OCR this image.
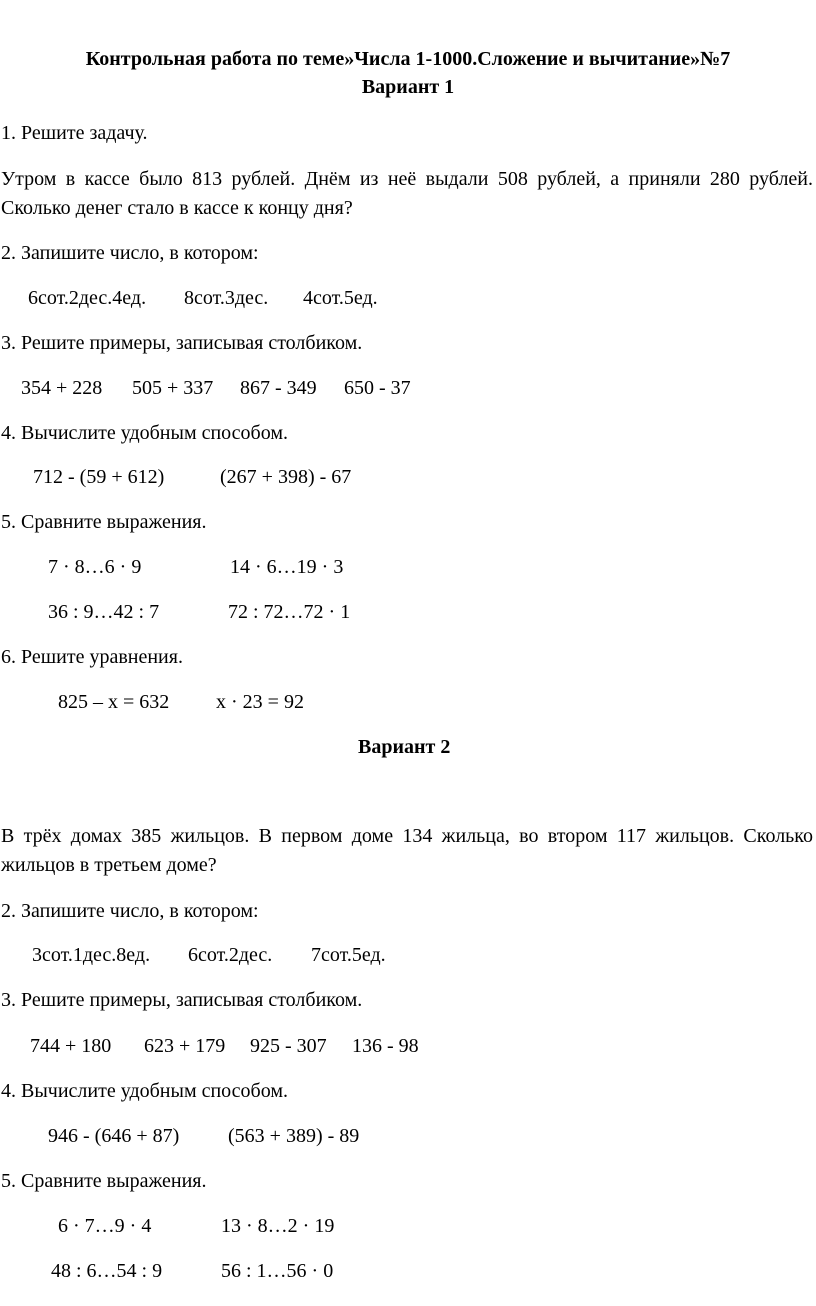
Контрольная работа по теме»Числа 1-1000.Сложение и вычитание»№7
Вариант 1
1. Решите задачу.
Утром в кассе было 813 рублей. Днём из неё выдали 508 рублей, а приняли 280 рублей. Сколько денег стало в кассе к концу дня?
2. Запишите число, в котором:
6сот.2дес.4ед. 8сот.3дес. 4сот.5ед.
3. Решите примеры, записывая столбиком.
354 + 228 505 + 337 867 - 349 650 - 37
4. Вычислите удобным способом.
712 - (59 + 612)	(267 + 398) - 67
5. Сравните выражения.
7 · 8…6 · 9	14 · 6…19 · 3
36 : 9…42 : 7	72 : 72…72 · 1
6. Решите уравнения.
825 – x = 632 x · 23 = 92
Вариант 2
В трёх домах 385 жильцов. В первом доме 134 жильца, во втором 117 жильцов. Сколько жильцов в третьем доме?
2. Запишите число, в котором:
3сот.1дес.8ед. 6сот.2дес. 7сот.5ед.
3. Решите примеры, записывая столбиком.
744 + 180 623 + 179 925 - 307 136 - 98
4. Вычислите удобным способом.
946 - (646 + 87) (563 + 389) - 89
5. Сравните выражения.
6 · 7…9 · 4	13 · 8…2 · 19
48 : 6…54 : 9	56 : 1…56 · 0
